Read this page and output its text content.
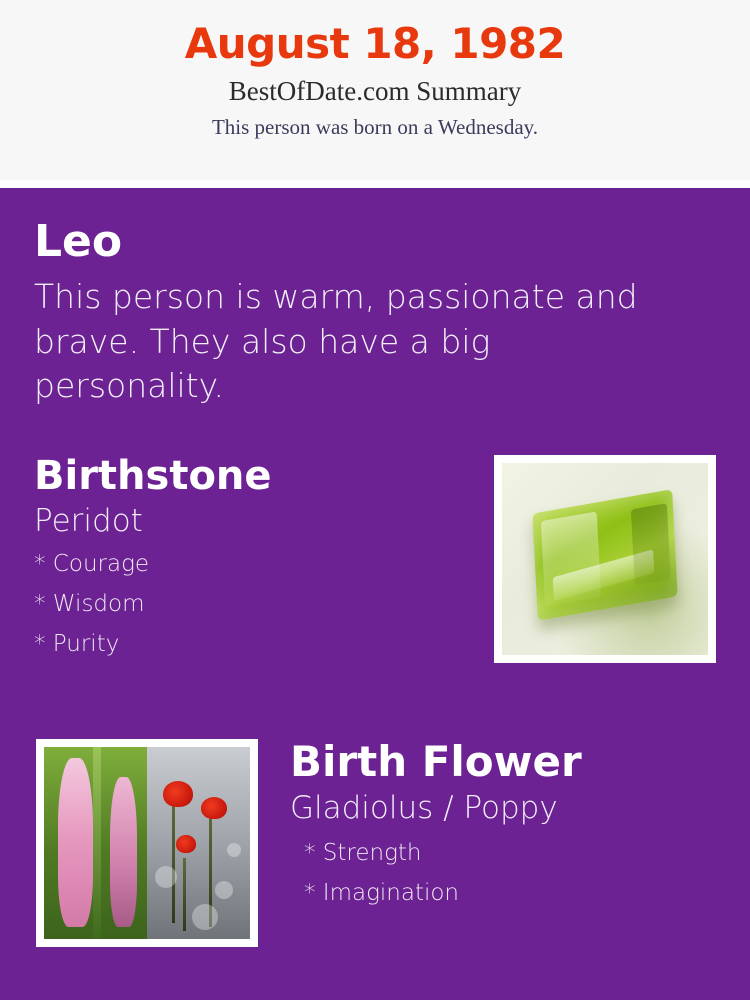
August 18, 1982
BestOfDate.com Summary

This person was born on a Wednesday.

Leo

This person is warm, passionate and brave. They also have a big personality.

Birthstone

Peridot

* Courage

* Wisdom

* Purity

Birth Flower

Gladiolus / Poppy

* Strength

* Imagination
